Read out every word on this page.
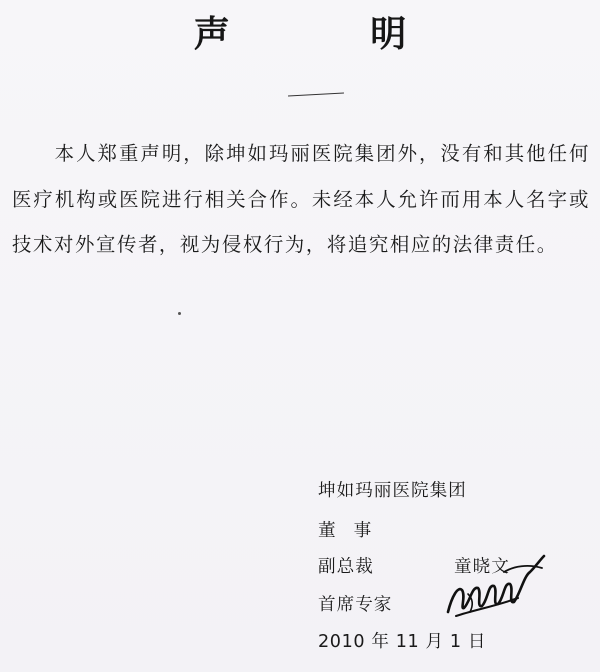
声 明
本人郑重声明，除坤如玛丽医院集团外，没有和其他任何医疗机构或医院进行相关合作。未经本人允许而用本人名字或技术对外宣传者，视为侵权行为，将追究相应的法律责任。
坤如玛丽医院集团
董事
副总裁	童晓文
首席专家
2010 年 11 月 1 日
